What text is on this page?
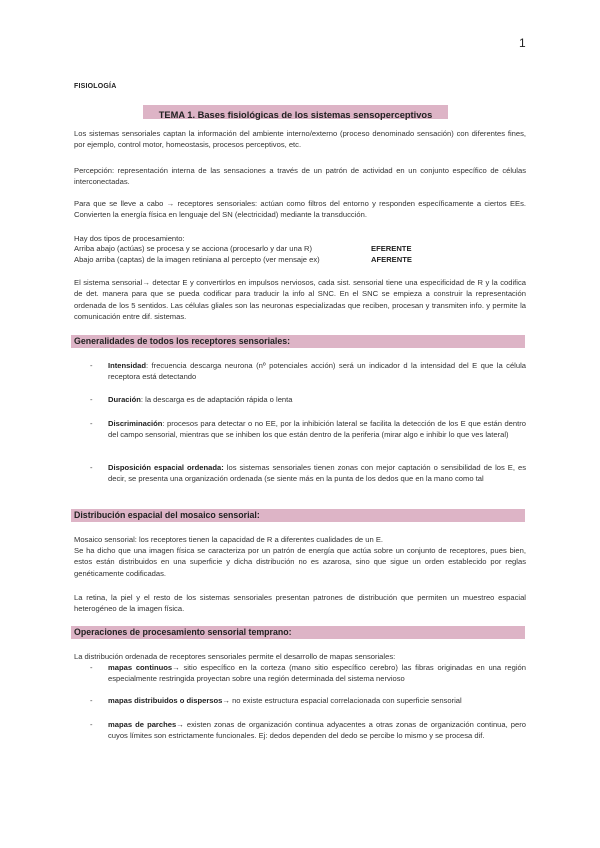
1
FISIOLOGÍA
TEMA 1. Bases fisiológicas de los sistemas sensoperceptivos

Los sistemas sensoriales captan la información del ambiente interno/externo (proceso denominado sensación) con diferentes fines, por ejemplo, control motor, homeostasis, procesos perceptivos, etc.

Percepción: representación interna de las sensaciones a través de un patrón de actividad en un conjunto específico de células interconectadas.

Para que se lleve a cabo → receptores sensoriales: actúan como filtros del entorno y responden específicamente a ciertos EEs. Convierten la energía física en lenguaje del SN (electricidad) mediante la transducción.

Hay dos tipos de procesamiento:
Arriba abajo (actúas) se procesa y se acciona (procesarlo y dar una R)	EFERENTE
Abajo arriba (captas) de la imagen retiniana al percepto (ver mensaje ex)	AFERENTE

El sistema sensorial→ detectar E y convertirlos en impulsos nerviosos, cada sist. sensorial tiene una especificidad de R y la codifica de det. manera para que se pueda codificar para traducir la info al SNC. En el SNC se empieza a construir la representación ordenada de los 5 sentidos. Las células gliales son las neuronas especializadas que reciben, procesan y transmiten info. y permite la comunicación entre dif. sistemas.

Generalidades de todos los receptores sensoriales:
- Intensidad: frecuencia descarga neurona (nº potenciales acción) será un indicador d la intensidad del E que la célula receptora está detectando

- Duración: la descarga es de adaptación rápida o lenta

- Discriminación: procesos para detectar o no EE, por la inhibición lateral se facilita la detección de los E que están dentro del campo sensorial, mientras que se inhiben los que están dentro de la periferia (mirar algo e inhibir lo que ves lateral)

- Disposición espacial ordenada: los sistemas sensoriales tienen zonas con mejor captación o sensibilidad de los E, es decir, se presenta una organización ordenada (se siente más en la punta de los dedos que en la mano como tal

Distribución espacial del mosaico sensorial:

Mosaico sensorial: los receptores tienen la capacidad de R a diferentes cualidades de un E.

Se ha dicho que una imagen física se caracteriza por un patrón de energía que actúa sobre un conjunto de receptores, pues bien, estos están distribuidos en una superficie y dicha distribución no es azarosa, sino que sigue un orden establecido por reglas genéticamente codificadas.

La retina, la piel y el resto de los sistemas sensoriales presentan patrones de distribución que permiten un muestreo espacial heterogéneo de la imagen física.

Operaciones de procesamiento sensorial temprano:

La distribución ordenada de receptores sensoriales permite el desarrollo de mapas sensoriales:

- mapas continuos→ sitio específico en la corteza (mano sitio específico cerebro) las fibras originadas en una región especialmente restringida proyectan sobre una región determinada del sistema nervioso

- mapas distribuidos o dispersos→ no existe estructura espacial correlacionada con superficie sensorial

- mapas de parches→ existen zonas de organización continua adyacentes a otras zonas de organización continua, pero cuyos límites son estrictamente funcionales. Ej: dedos dependen del dedo se percibe lo mismo y se procesa dif.
